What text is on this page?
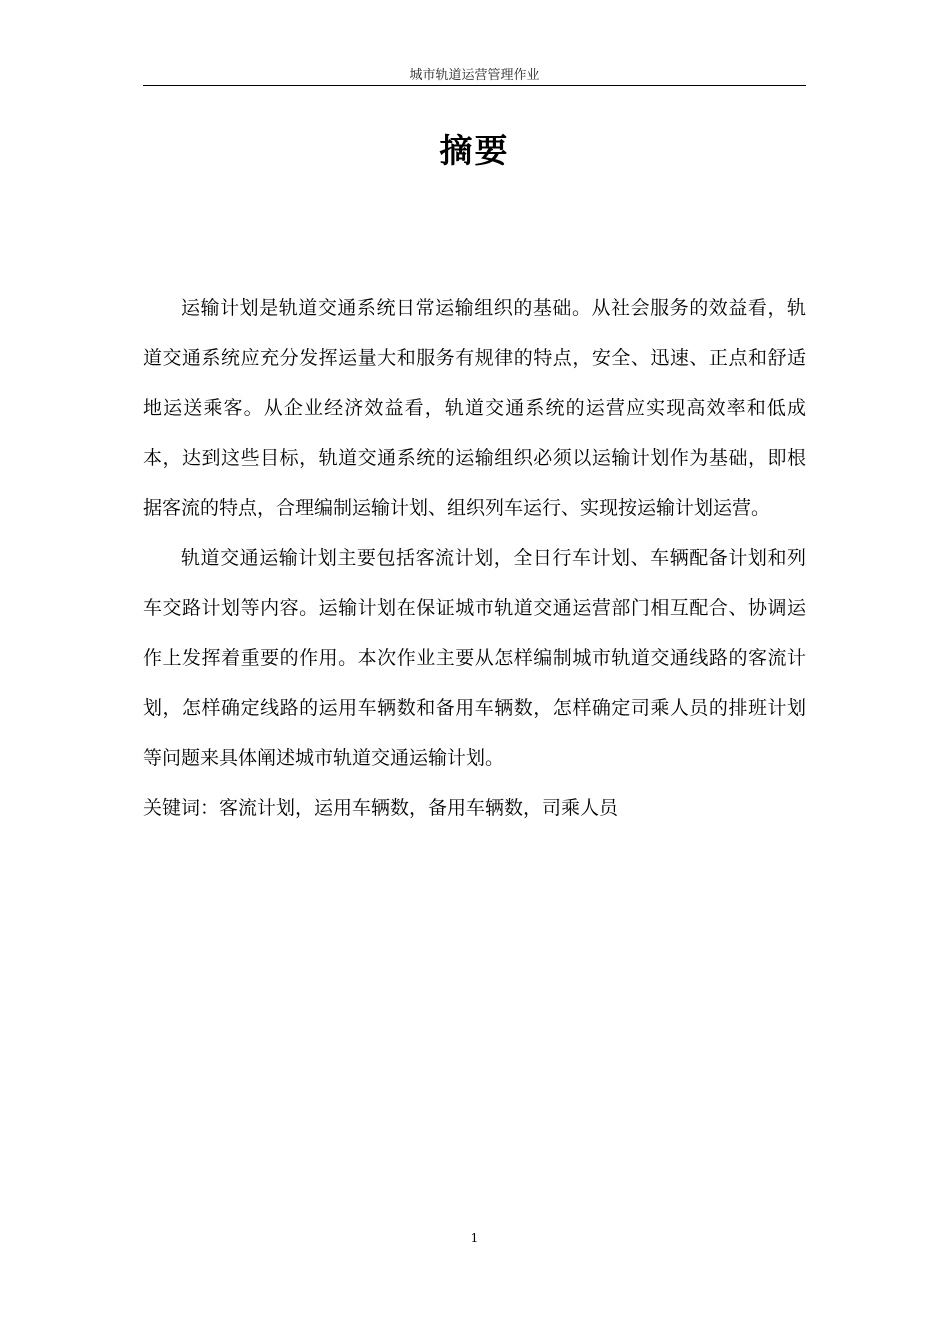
城市轨道运营管理作业
摘要

运输计划是轨道交通系统日常运输组织的基础。从社会服务的效益看，轨道交通系统应充分发挥运量大和服务有规律的特点，安全、迅速、正点和舒适地运送乘客。从企业经济效益看，轨道交通系统的运营应实现高效率和低成本，达到这些目标，轨道交通系统的运输组织必须以运输计划作为基础，即根据客流的特点，合理编制运输计划、组织列车运行、实现按运输计划运营。

轨道交通运输计划主要包括客流计划，全日行车计划、车辆配备计划和列车交路计划等内容。运输计划在保证城市轨道交通运营部门相互配合、协调运作上发挥着重要的作用。本次作业主要从怎样编制城市轨道交通线路的客流计划，怎样确定线路的运用车辆数和备用车辆数，怎样确定司乘人员的排班计划等问题来具体阐述城市轨道交通运输计划。

关键词：客流计划，运用车辆数，备用车辆数，司乘人员

1
